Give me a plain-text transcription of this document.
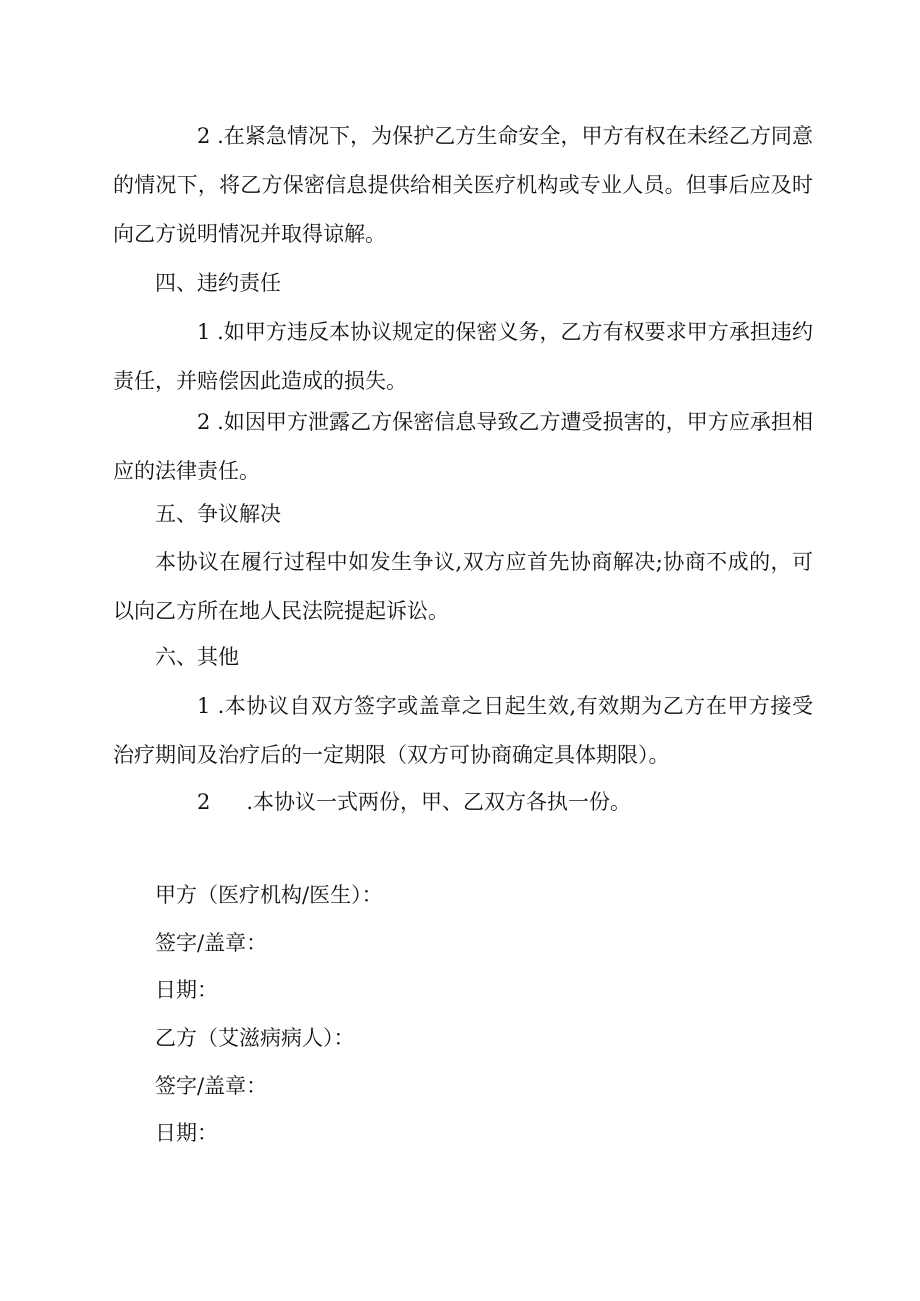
2 .在紧急情况下，为保护乙方生命安全，甲方有权在未经乙方同意的情况下，将乙方保密信息提供给相关医疗机构或专业人员。但事后应及时向乙方说明情况并取得谅解。

四、违约责任

1 .如甲方违反本协议规定的保密义务，乙方有权要求甲方承担违约责任，并赔偿因此造成的损失。

2 .如因甲方泄露乙方保密信息导致乙方遭受损害的，甲方应承担相应的法律责任。

五、争议解决

本协议在履行过程中如发生争议,双方应首先协商解决;协商不成的，可以向乙方所在地人民法院提起诉讼。

六、其他

1 .本协议自双方签字或盖章之日起生效,有效期为乙方在甲方接受治疗期间及治疗后的一定期限（双方可协商确定具体期限）。

2 .本协议一式两份，甲、乙双方各执一份。

甲方（医疗机构/医生）：

签字/盖章：

日期：

乙方（艾滋病病人）：

签字/盖章：

日期：
